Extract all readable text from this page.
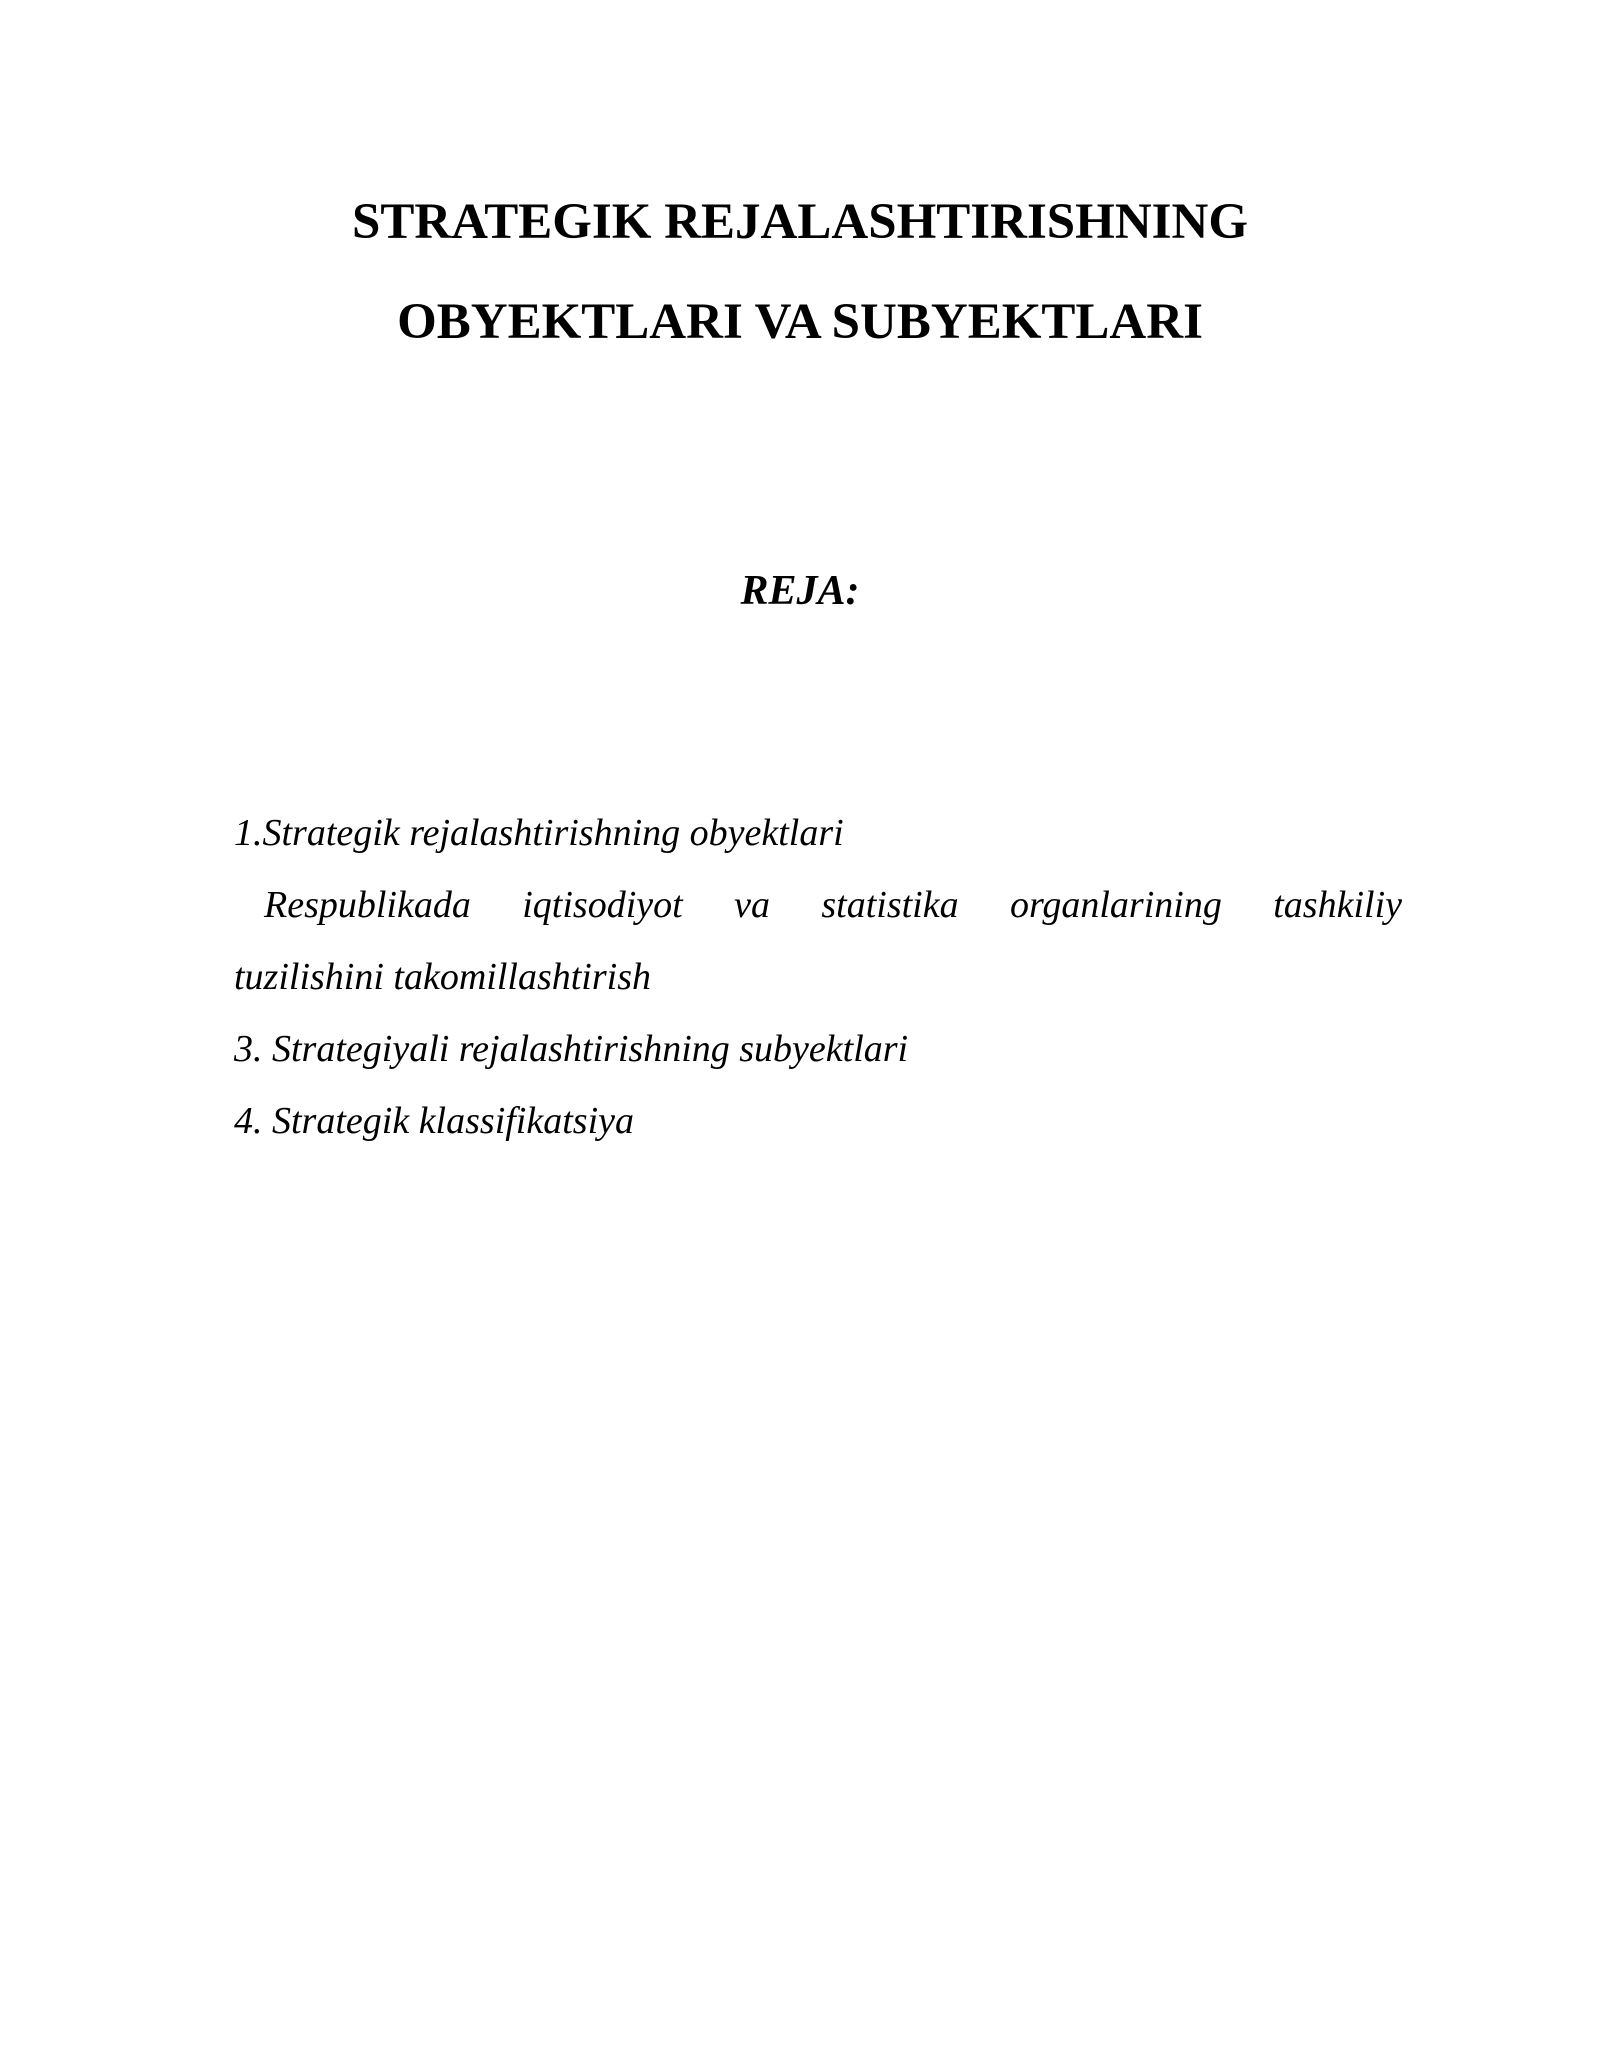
STRATEGIK REJALASHTIRISHNING
OBYEKTLARI VA SUBYEKTLARI
REJA:
1.Strategik rejalashtirishning obyektlari
Respublikada iqtisodiyot va statistika organlarining tashkiliy
tuzilishini takomillashtirish
3. Strategiyali rejalashtirishning subyektlari
4. Strategik klassifikatsiya
